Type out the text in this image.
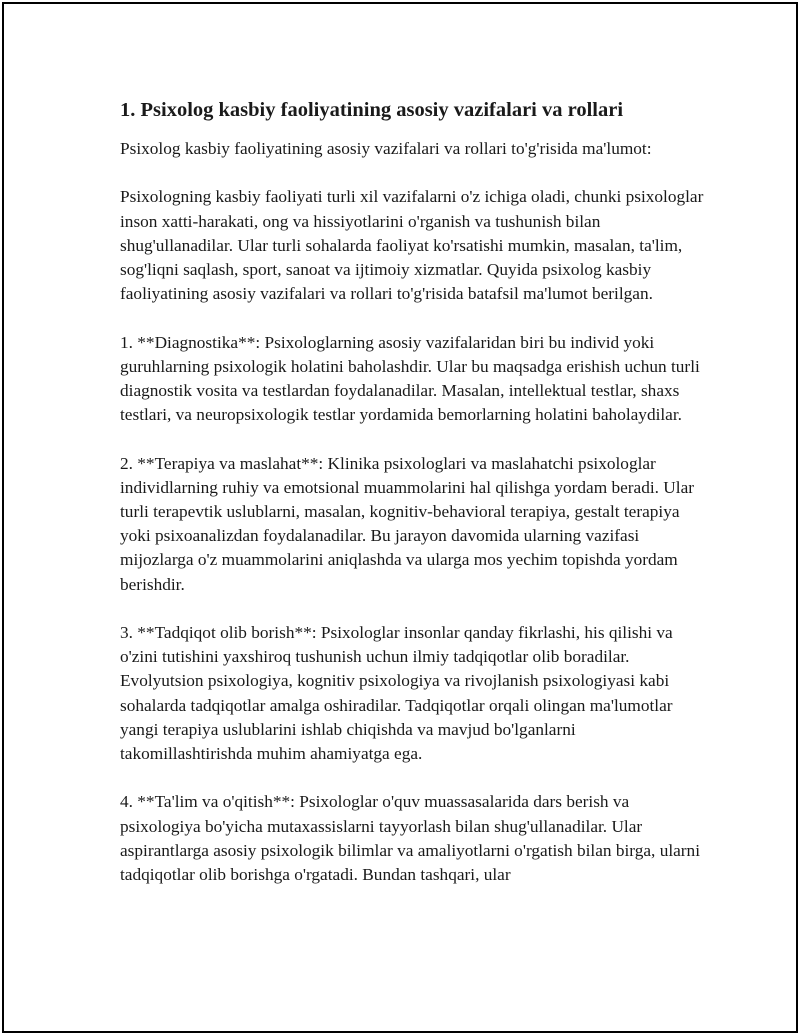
1. Psixolog kasbiy faoliyatining asosiy vazifalari va rollari

Psixolog kasbiy faoliyatining asosiy vazifalari va rollari to'g'risida ma'lumot:

Psixologning kasbiy faoliyati turli xil vazifalarni o'z ichiga oladi, chunki psixologlar inson xatti-harakati, ong va hissiyotlarini o'rganish va tushunish bilan shug'ullanadilar. Ular turli sohalarda faoliyat ko'rsatishi mumkin, masalan, ta'lim, sog'liqni saqlash, sport, sanoat va ijtimoiy xizmatlar. Quyida psixolog kasbiy faoliyatining asosiy vazifalari va rollari to'g'risida batafsil ma'lumot berilgan.

1. **Diagnostika**: Psixologlarning asosiy vazifalaridan biri bu individ yoki guruhlarning psixologik holatini baholashdir. Ular bu maqsadga erishish uchun turli diagnostik vosita va testlardan foydalanadilar. Masalan, intellektual testlar, shaxs testlari, va neuropsixologik testlar yordamida bemorlarning holatini baholaydilar.

2. **Terapiya va maslahat**: Klinika psixologlari va maslahatchi psixologlar individlarning ruhiy va emotsional muammolarini hal qilishga yordam beradi. Ular turli terapevtik uslublarni, masalan, kognitiv-behavioral terapiya, gestalt terapiya yoki psixoanalizdan foydalanadilar. Bu jarayon davomida ularning vazifasi mijozlarga o'z muammolarini aniqlashda va ularga mos yechim topishda yordam berishdir.

3. **Tadqiqot olib borish**: Psixologlar insonlar qanday fikrlashi, his qilishi va o'zini tutishini yaxshiroq tushunish uchun ilmiy tadqiqotlar olib boradilar. Evolyutsion psixologiya, kognitiv psixologiya va rivojlanish psixologiyasi kabi sohalarda tadqiqotlar amalga oshiradilar. Tadqiqotlar orqali olingan ma'lumotlar yangi terapiya uslublarini ishlab chiqishda va mavjud bo'lganlarni takomillashtirishda muhim ahamiyatga ega.

4. **Ta'lim va o'qitish**: Psixologlar o'quv muassasalarida dars berish va psixologiya bo'yicha mutaxassislarni tayyorlash bilan shug'ullanadilar. Ular aspirantlarga asosiy psixologik bilimlar va amaliyotlarni o'rgatish bilan birga, ularni tadqiqotlar olib borishga o'rgatadi. Bundan tashqari, ular
